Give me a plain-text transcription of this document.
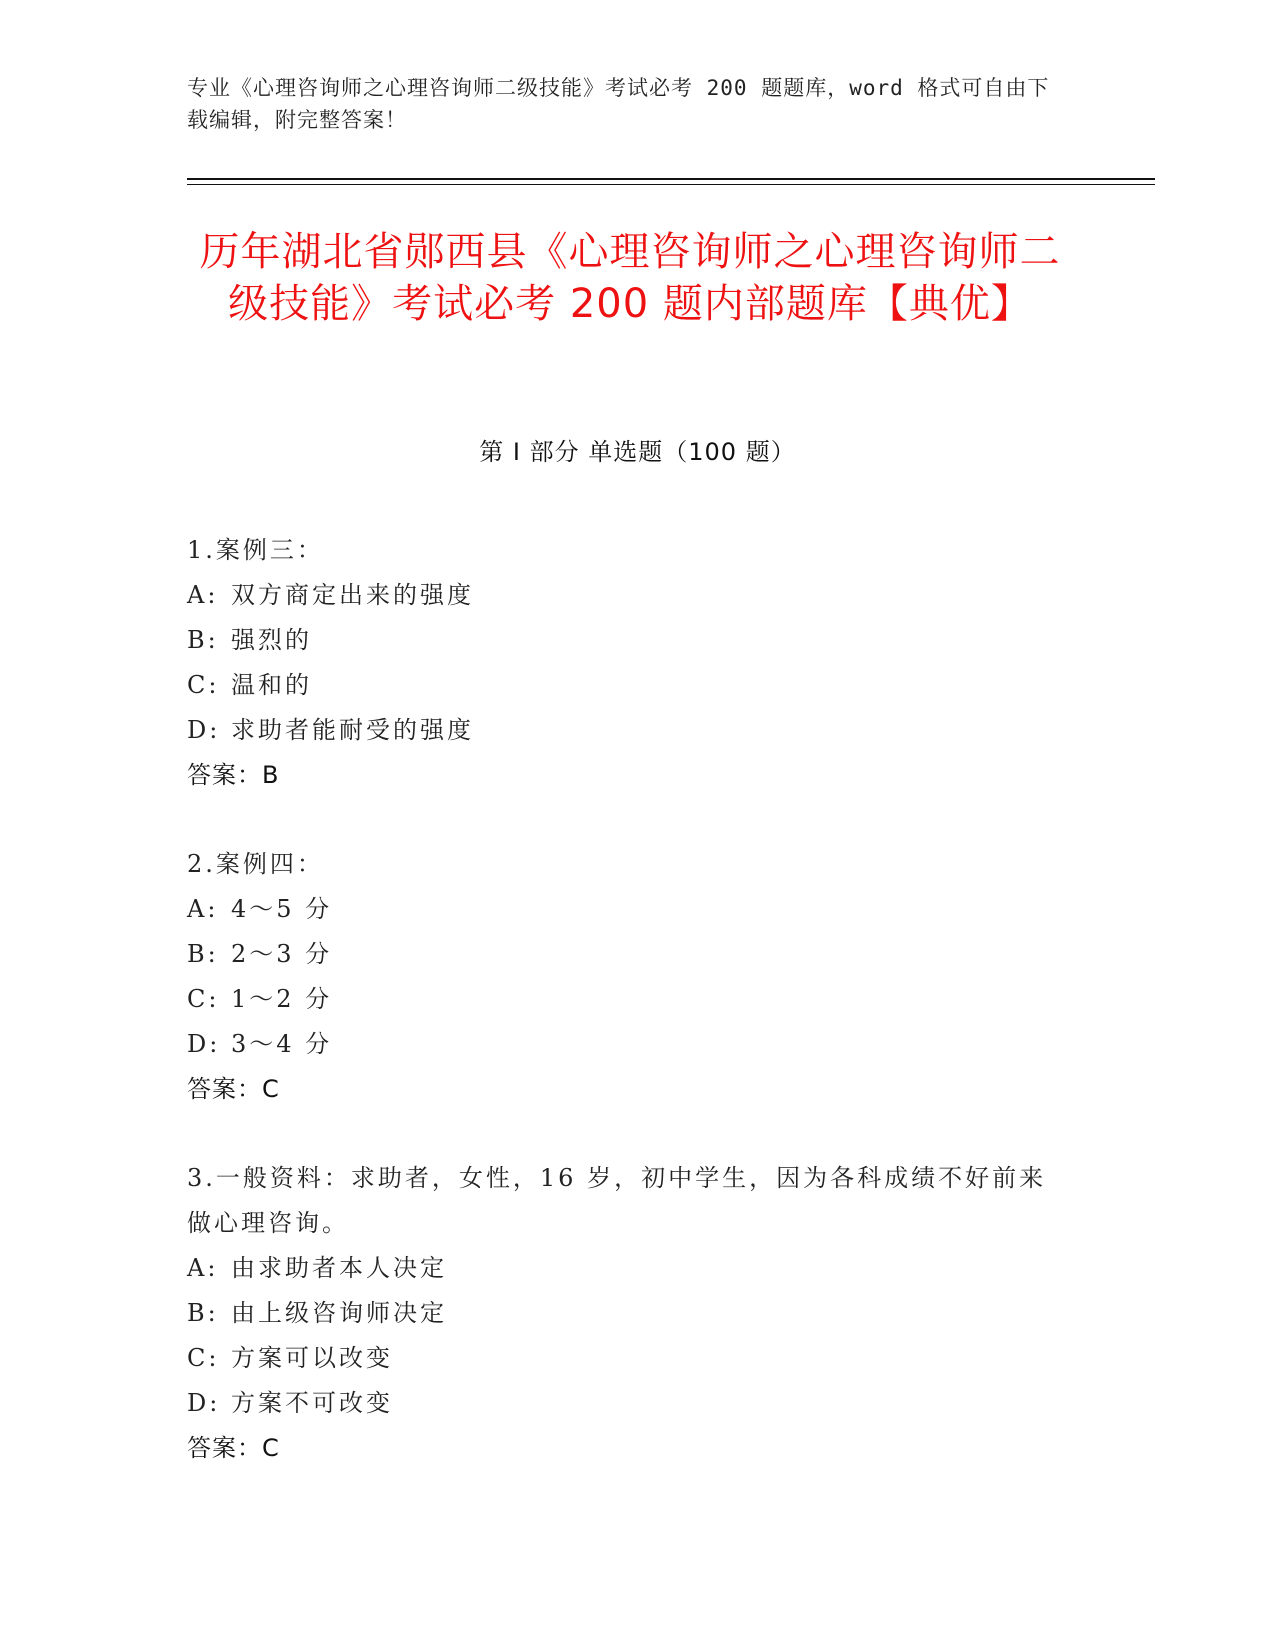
专业《心理咨询师之心理咨询师二级技能》考试必考 200 题题库，word 格式可自由下载编辑，附完整答案！
历年湖北省郧西县《心理咨询师之心理咨询师二级技能》考试必考 200 题内部题库【典优】
第 I 部分 单选题（100 题）
1.案例三：
A: 双方商定出来的强度
B: 强烈的
C: 温和的
D: 求助者能耐受的强度
答案：B
2.案例四：
A: 4～5 分
B: 2～3 分
C: 1～2 分
D: 3～4 分
答案：C
3.一般资料：求助者，女性，16 岁，初中学生，因为各科成绩不好前来做心理咨询。
A: 由求助者本人决定
B: 由上级咨询师决定
C: 方案可以改变
D: 方案不可改变
答案：C
